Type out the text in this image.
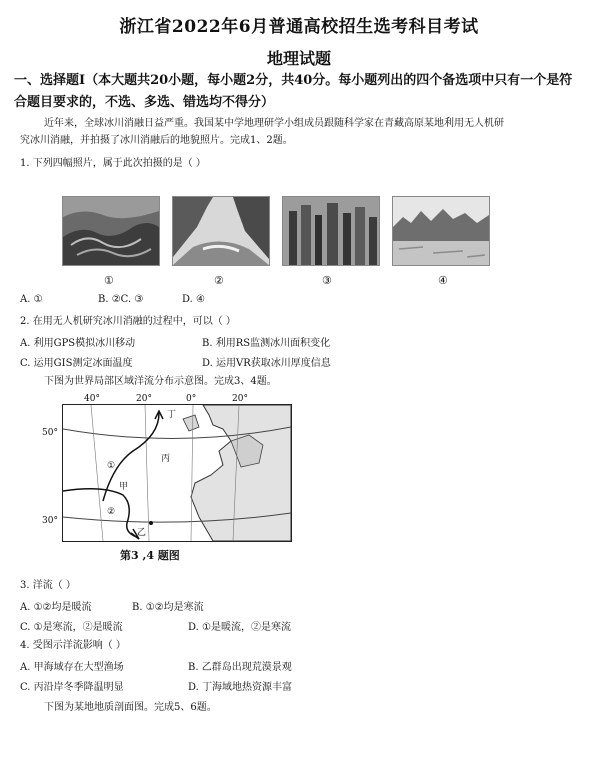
浙江省2022年6月普通高校招生选考科目考试
地理试题
一、选择题Ⅰ（本大题共20小题，每小题2分，共40分。每小题列出的四个备选项中只有一个是符合题目要求的，不选、多选、错选均不得分）
近年来，全球冰川消融日益严重。我国某中学地理研学小组成员跟随科学家在青藏高原某地利用无人机研
究冰川消融，并拍摄了冰川消融后的地貌照片。完成1、2题。
1. 下列四幅照片，属于此次拍摄的是（ ）
①	②	③	④
A. ①	B. ②C. ③	D. ④
2. 在用无人机研究冰川消融的过程中，可以（ ）
A. 利用GPS模拟冰川移动	B. 利用RS监测冰川面积变化
C. 运用GIS测定冰面温度	D. 运用VR获取冰川厚度信息
下图为世界局部区域洋流分布示意图。完成3、4题。
40°	20°	0°	20°
50°
30°
丁
丙
①
甲
②
乙
第3 ,4 题图
3. 洋流（ ）
A. ①②均是暖流	B. ①②均是寒流
C. ①是寒流，②是暖流	D. ①是暖流，②是寒流
4. 受图示洋流影响（ ）
A. 甲海域存在大型渔场	B. 乙群岛出现荒漠景观
C. 丙沿岸冬季降温明显	D. 丁海域地热资源丰富
下图为某地地质剖面图。完成5、6题。
